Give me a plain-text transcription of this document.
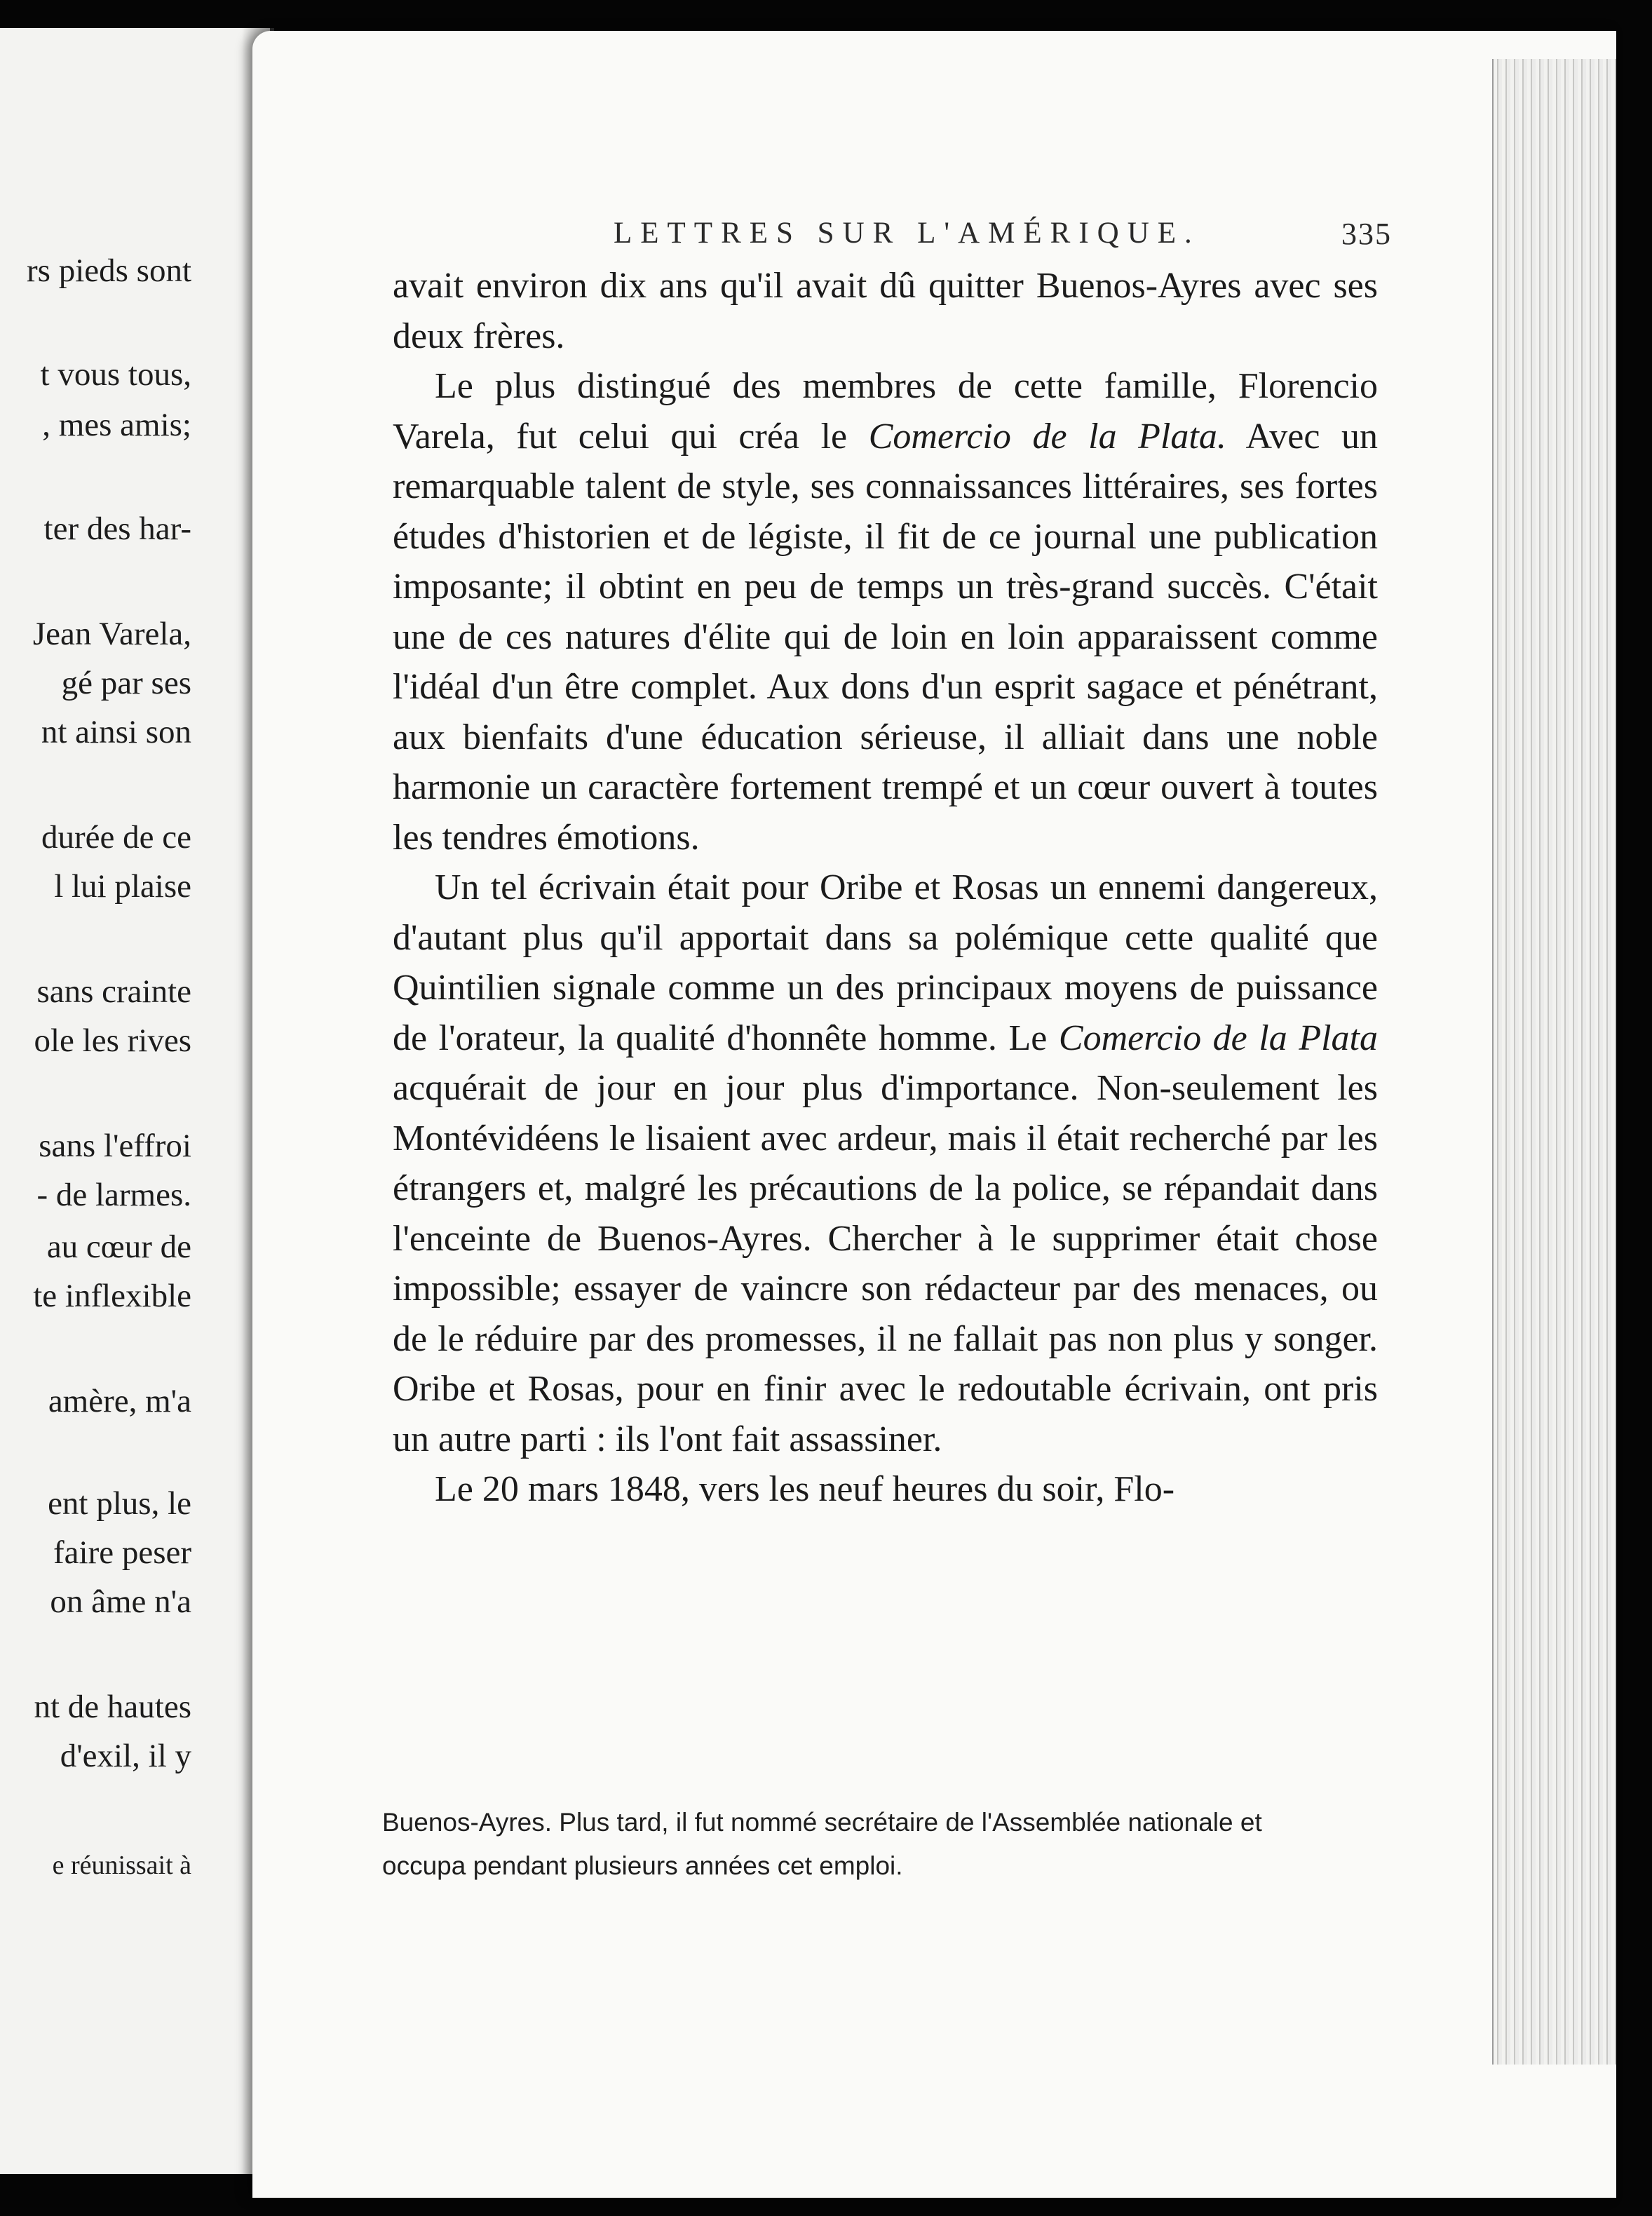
rs pieds sont
t vous tous,
, mes amis;
ter des har-
Jean Varela,
gé par ses
nt ainsi son
durée de ce
l lui plaise
sans crainte
ole les rives
sans l'effroi
- de larmes.
au cœur de
te inflexible
amère, m'a
ent plus, le
faire peser
on âme n'a
nt de hautes
d'exil, il y
e réunissait à
LETTRES SUR L'AMÉRIQUE.	335

avait environ dix ans qu'il avait dû quitter Buenos-Ayres avec ses deux frères.

Le plus distingué des membres de cette famille, Florencio Varela, fut celui qui créa le Comercio de la Plata. Avec un remarquable talent de style, ses connaissances littéraires, ses fortes études d'historien et de légiste, il fit de ce journal une publication imposante; il obtint en peu de temps un très-grand succès. C'était une de ces natures d'élite qui de loin en loin apparaissent comme l'idéal d'un être complet. Aux dons d'un esprit sagace et pénétrant, aux bienfaits d'une éducation sérieuse, il alliait dans une noble harmonie un caractère fortement trempé et un cœur ouvert à toutes les tendres émotions.

Un tel écrivain était pour Oribe et Rosas un ennemi dangereux, d'autant plus qu'il apportait dans sa polémique cette qualité que Quintilien signale comme un des principaux moyens de puissance de l'orateur, la qualité d'honnête homme. Le Comercio de la Plata acquérait de jour en jour plus d'importance. Non-seulement les Montévidéens le lisaient avec ardeur, mais il était recherché par les étrangers et, malgré les précautions de la police, se répandait dans l'enceinte de Buenos-Ayres. Chercher à le supprimer était chose impossible; essayer de vaincre son rédacteur par des menaces, ou de le réduire par des promesses, il ne fallait pas non plus y songer. Oribe et Rosas, pour en finir avec le redoutable écrivain, ont pris un autre parti : ils l'ont fait assassiner.

Le 20 mars 1848, vers les neuf heures du soir, Flo-

Buenos-Ayres. Plus tard, il fut nommé secrétaire de l'Assemblée nationale et occupa pendant plusieurs années cet emploi.
